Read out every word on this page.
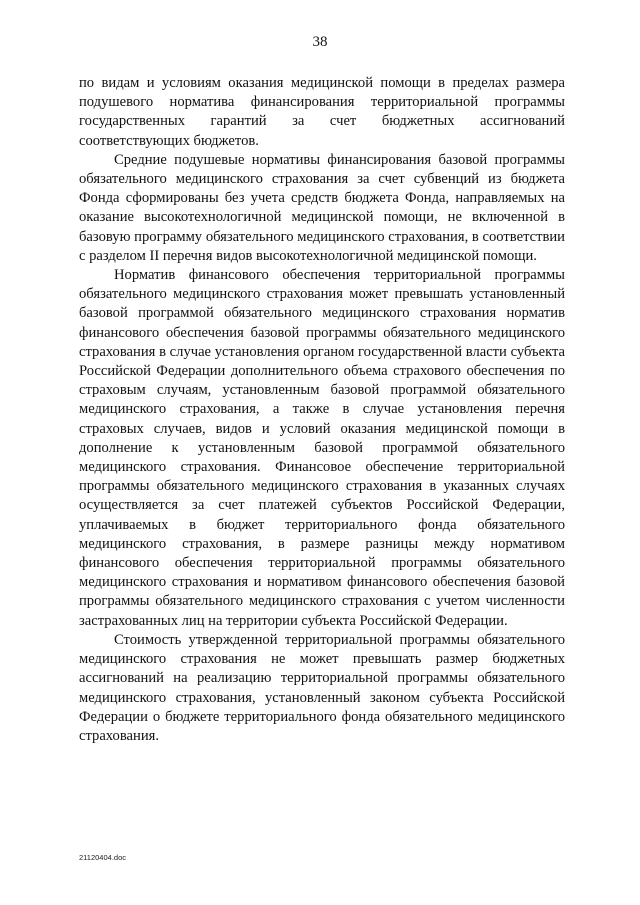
38

по видам и условиям оказания медицинской помощи в пределах размера подушевого норматива финансирования территориальной программы государственных гарантий за счет бюджетных ассигнований соответствующих бюджетов.

Средние подушевые нормативы финансирования базовой программы обязательного медицинского страхования за счет субвенций из бюджета Фонда сформированы без учета средств бюджета Фонда, направляемых на оказание высокотехнологичной медицинской помощи, не включенной в базовую программу обязательного медицинского страхования, в соответствии с разделом II перечня видов высокотехнологичной медицинской помощи.

Норматив финансового обеспечения территориальной программы обязательного медицинского страхования может превышать установленный базовой программой обязательного медицинского страхования норматив финансового обеспечения базовой программы обязательного медицинского страхования в случае установления органом государственной власти субъекта Российской Федерации дополнительного объема страхового обеспечения по страховым случаям, установленным базовой программой обязательного медицинского страхования, а также в случае установления перечня страховых случаев, видов и условий оказания медицинской помощи в дополнение к установленным базовой программой обязательного медицинского страхования. Финансовое обеспечение территориальной программы обязательного медицинского страхования в указанных случаях осуществляется за счет платежей субъектов Российской Федерации, уплачиваемых в бюджет территориального фонда обязательного медицинского страхования, в размере разницы между нормативом финансового обеспечения территориальной программы обязательного медицинского страхования и нормативом финансового обеспечения базовой программы обязательного медицинского страхования с учетом численности застрахованных лиц на территории субъекта Российской Федерации.

Стоимость утвержденной территориальной программы обязательного медицинского страхования не может превышать размер бюджетных ассигнований на реализацию территориальной программы обязательного медицинского страхования, установленный законом субъекта Российской Федерации о бюджете территориального фонда обязательного медицинского страхования.

21120404.doc
